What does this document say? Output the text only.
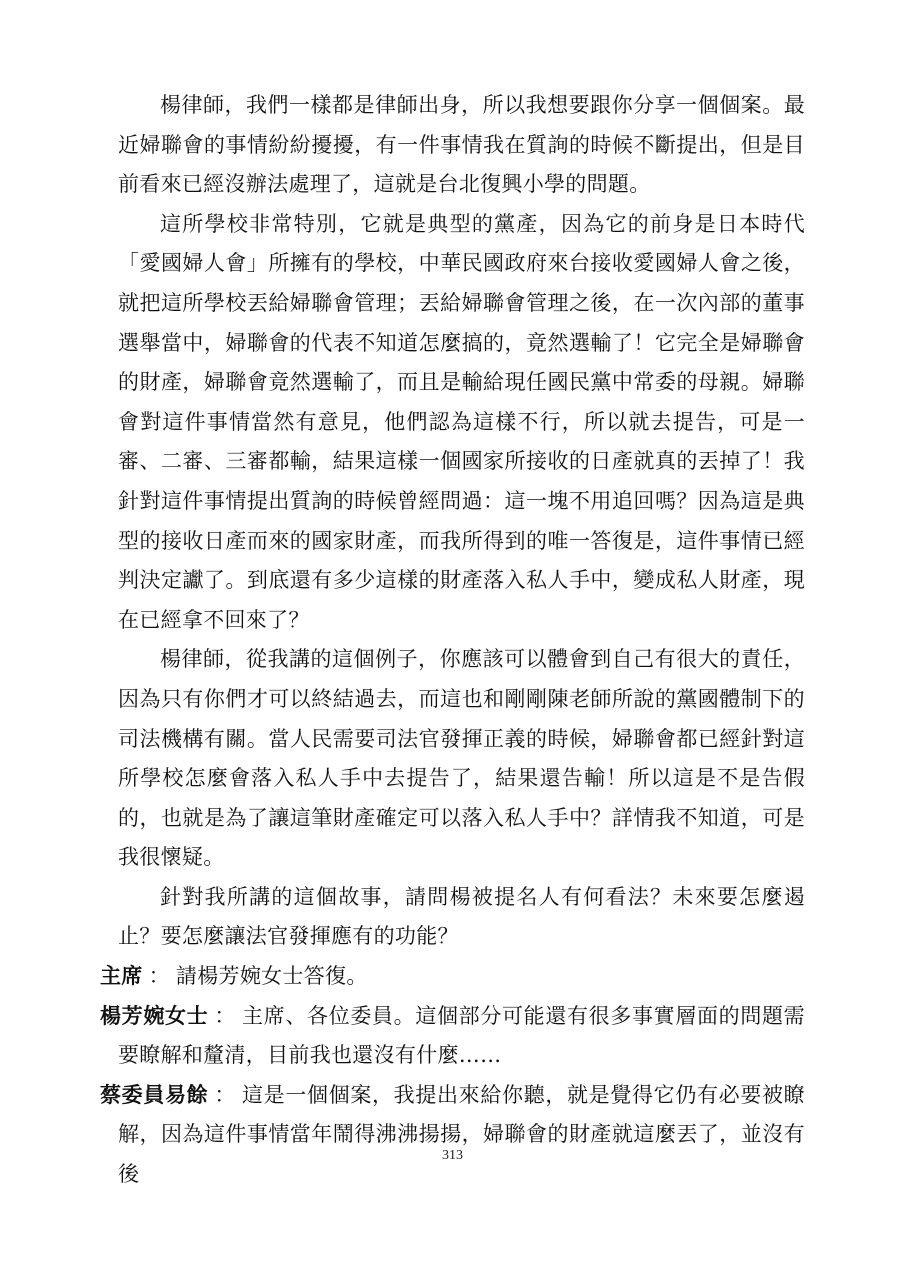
楊律師，我們一樣都是律師出身，所以我想要跟你分享一個個案。最近婦聯會的事情紛紛擾擾，有一件事情我在質詢的時候不斷提出，但是目前看來已經沒辦法處理了，這就是台北復興小學的問題。

這所學校非常特別，它就是典型的黨產，因為它的前身是日本時代「愛國婦人會」所擁有的學校，中華民國政府來台接收愛國婦人會之後，就把這所學校丟給婦聯會管理；丟給婦聯會管理之後，在一次內部的董事選舉當中，婦聯會的代表不知道怎麼搞的，竟然選輸了！它完全是婦聯會的財產，婦聯會竟然選輸了，而且是輸給現任國民黨中常委的母親。婦聯會對這件事情當然有意見，他們認為這樣不行，所以就去提告，可是一審、二審、三審都輸，結果這樣一個國家所接收的日產就真的丟掉了！我針對這件事情提出質詢的時候曾經問過：這一塊不用追回嗎？因為這是典型的接收日產而來的國家財產，而我所得到的唯一答復是，這件事情已經判決定讞了。到底還有多少這樣的財產落入私人手中，變成私人財產，現在已經拿不回來了？

楊律師，從我講的這個例子，你應該可以體會到自己有很大的責任，因為只有你們才可以終結過去，而這也和剛剛陳老師所說的黨國體制下的司法機構有關。當人民需要司法官發揮正義的時候，婦聯會都已經針對這所學校怎麼會落入私人手中去提告了，結果還告輸！所以這是不是告假的，也就是為了讓這筆財產確定可以落入私人手中？詳情我不知道，可是我很懷疑。

針對我所講的這個故事，請問楊被提名人有何看法？未來要怎麼遏止？要怎麼讓法官發揮應有的功能？

主席 ： 請楊芳婉女士答復。

楊芳婉女士 ： 主席、各位委員。這個部分可能還有很多事實層面的問題需要瞭解和釐清，目前我也還沒有什麼……

蔡委員易餘 ： 這是一個個案，我提出來給你聽，就是覺得它仍有必要被瞭解，因為這件事情當年鬧得沸沸揚揚，婦聯會的財產就這麼丟了，並沒有後

313
